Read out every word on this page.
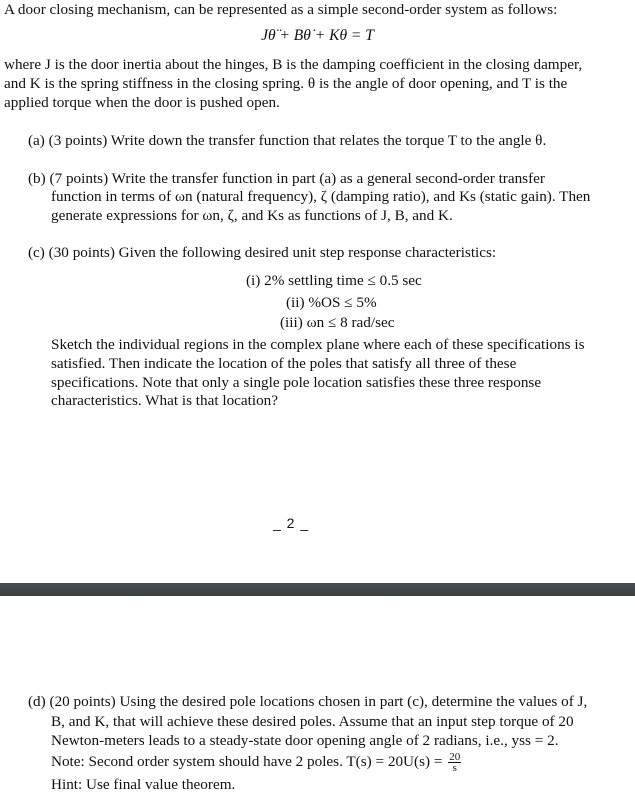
A door closing mechanism, can be represented as a simple second-order system as follows:
Jθ̈ + Bθ̇ + Kθ = T
where J is the door inertia about the hinges, B is the damping coefficient in the closing damper,
and K is the spring stiffness in the closing spring. θ is the angle of door opening, and T is the
applied torque when the door is pushed open.
(a) (3 points) Write down the transfer function that relates the torque T to the angle θ.
(b) (7 points) Write the transfer function in part (a) as a general second-order transfer
function in terms of ωn (natural frequency), ζ (damping ratio), and Ks (static gain). Then
generate expressions for ωn, ζ, and Ks as functions of J, B, and K.
(c) (30 points) Given the following desired unit step response characteristics:
(i) 2% settling time ≤ 0.5 sec
(ii) %OS ≤ 5%
(iii) ωn ≤ 8 rad/sec
Sketch the individual regions in the complex plane where each of these specifications is
satisfied. Then indicate the location of the poles that satisfy all three of these
specifications. Note that only a single pole location satisfies these three response
characteristics. What is that location?
_ 2 _
(d) (20 points) Using the desired pole locations chosen in part (c), determine the values of J,
B, and K, that will achieve these desired poles. Assume that an input step torque of 20
Newton-meters leads to a steady-state door opening angle of 2 radians, i.e., yss = 2.
Note: Second order system should have 2 poles. $T(s) = 20U(s) = \frac{20}{s}$
Hint: Use final value theorem.
